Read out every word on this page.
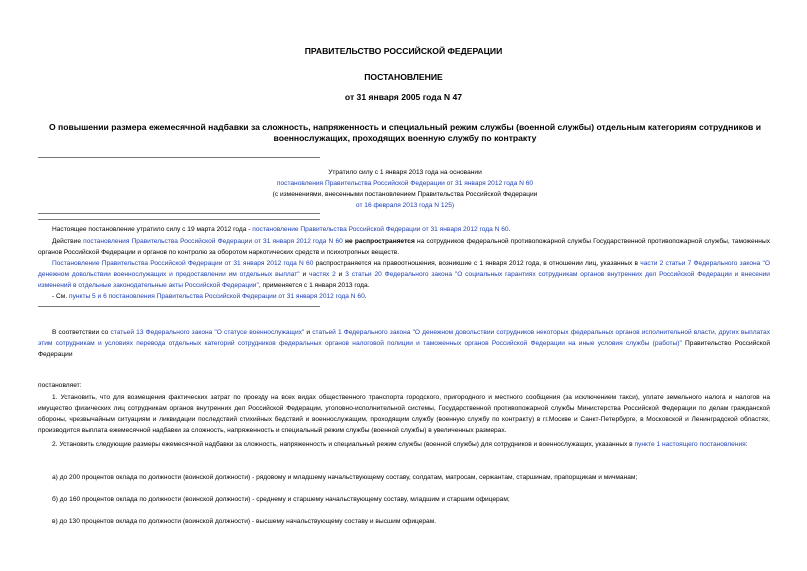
ПРАВИТЕЛЬСТВО РОССИЙСКОЙ ФЕДЕРАЦИИ
ПОСТАНОВЛЕНИЕ
от 31 января 2005 года N 47
О повышении размера ежемесячной надбавки за сложность, напряженность и специальный режим службы (военной службы) отдельным категориям сотрудников и военнослужащих, проходящих военную службу по контракту
Утратило силу с 1 января 2013 года на основании
постановления Правительства Российской Федерации от 31 января 2012 года N 60
(с изменениями, внесенными постановлением Правительства Российской Федерации
от 16 февраля 2013 года N 125)
Настоящее постановление утратило силу с 19 марта 2012 года - постановление Правительства Российской Федерации от 31 января 2012 года N 60.
Действие постановления Правительства Российской Федерации от 31 января 2012 года N 60 не распространяется на сотрудников федеральной противопожарной службы Государственной противопожарной службы, таможенных органов Российской Федерации и органов по контролю за оборотом наркотических средств и психотропных веществ.
Постановление Правительства Российской Федерации от 31 января 2012 года N 60 распространяется на правоотношения, возникшие с 1 января 2012 года, в отношении лиц, указанных в части 2 статьи 7 Федерального закона "О денежном довольствии военнослужащих и предоставлении им отдельных выплат" и частях 2 и 3 статьи 20 Федерального закона "О социальных гарантиях сотрудникам органов внутренних дел Российской Федерации и внесении изменений в отдельные законодательные акты Российской Федерации", применяется с 1 января 2013 года.
- См. пункты 5 и 6 постановления Правительства Российской Федерации от 31 января 2012 года N 60.
В соответствии со статьей 13 Федерального закона "О статусе военнослужащих" и статьей 1 Федерального закона "О денежном довольствии сотрудников некоторых федеральных органов исполнительной власти, других выплатах этим сотрудникам и условиях перевода отдельных категорий сотрудников федеральных органов налоговой полиции и таможенных органов Российской Федерации на иные условия службы (работы)" Правительство Российской Федерации
постановляет:
1. Установить, что для возмещения фактических затрат по проезду на всех видах общественного транспорта городского, пригородного и местного сообщения (за исключением такси), уплате земельного налога и налогов на имущество физических лиц сотрудникам органов внутренних дел Российской Федерации, уголовно-исполнительной системы, Государственной противопожарной службы Министерства Российской Федерации по делам гражданской обороны, чрезвычайным ситуациям и ликвидации последствий стихийных бедствий и военнослужащим, проходящим службу (военную службу по контракту) в гг.Москве и Санкт-Петербурге, в Московской и Ленинградской областях, производится выплата ежемесячной надбавки за сложность, напряженность и специальный режим службы (военной службы) в увеличенных размерах.
2. Установить следующие размеры ежемесячной надбавки за сложность, напряженность и специальный режим службы (военной службы) для сотрудников и военнослужащих, указанных в пункте 1 настоящего постановления:
а) до 200 процентов оклада по должности (воинской должности) - рядовому и младшему начальствующему составу, солдатам, матросам, сержантам, старшинам, прапорщикам и мичманам;
б) до 160 процентов оклада по должности (воинской должности) - среднему и старшему начальствующему составу, младшим и старшим офицерам;
в) до 130 процентов оклада по должности (воинской должности) - высшему начальствующему составу и высшим офицерам.
